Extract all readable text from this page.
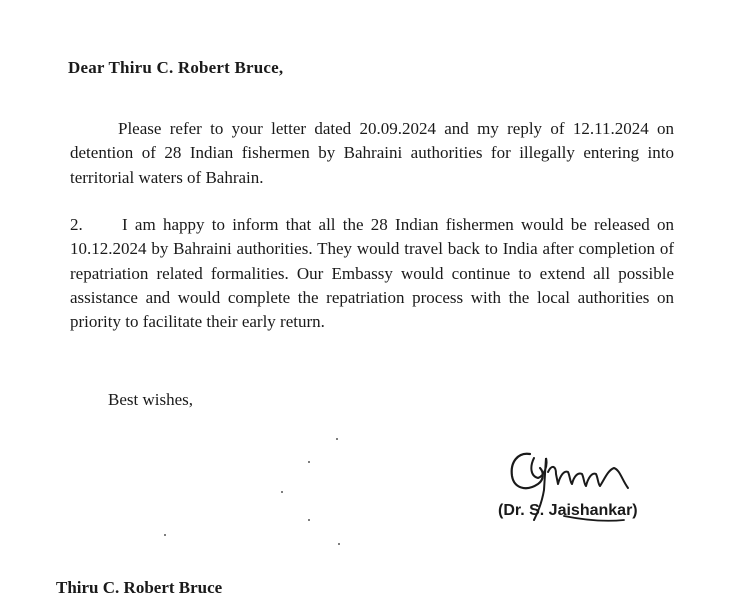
Dear Thiru C. Robert Bruce,
Please refer to your letter dated 20.09.2024 and my reply of 12.11.2024 on detention of 28 Indian fishermen by Bahraini authorities for illegally entering into territorial waters of Bahrain.
2. I am happy to inform that all the 28 Indian fishermen would be released on 10.12.2024 by Bahraini authorities. They would travel back to India after completion of repatriation related formalities. Our Embassy would continue to extend all possible assistance and would complete the repatriation process with the local authorities on priority to facilitate their early return.
Best wishes,
(Dr. S. Jaishankar)
Thiru C. Robert Bruce
